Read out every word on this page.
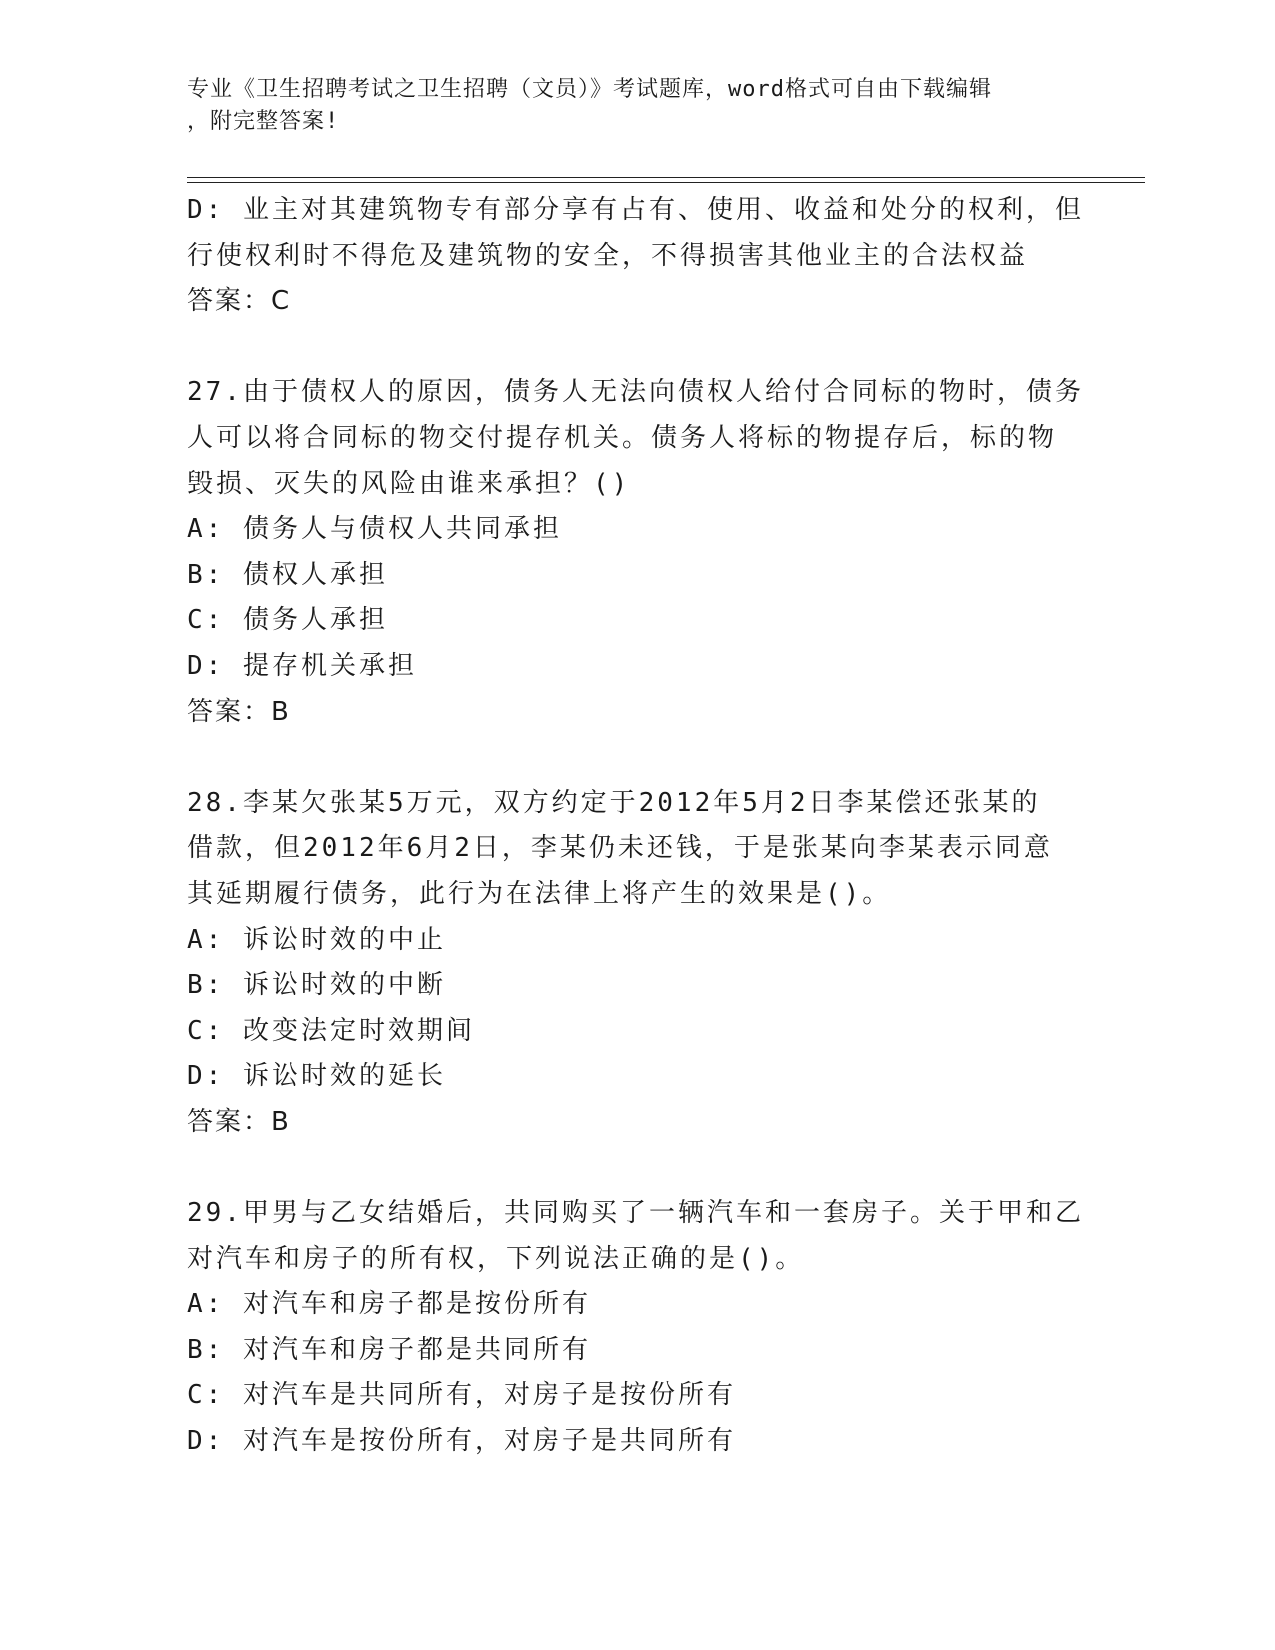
专业《卫生招聘考试之卫生招聘（文员）》考试题库，word格式可自由下载编辑
，附完整答案!
D: 业主对其建筑物专有部分享有占有、使用、收益和处分的权利，但
行使权利时不得危及建筑物的安全，不得损害其他业主的合法权益
答案：C
27.由于债权人的原因，债务人无法向债权人给付合同标的物时，债务
人可以将合同标的物交付提存机关。债务人将标的物提存后，标的物
毁损、灭失的风险由谁来承担？()
A: 债务人与债权人共同承担
B: 债权人承担
C: 债务人承担
D: 提存机关承担
答案：B
28.李某欠张某5万元，双方约定于2012年5月2日李某偿还张某的
借款，但2012年6月2日，李某仍未还钱，于是张某向李某表示同意
其延期履行债务，此行为在法律上将产生的效果是()。
A: 诉讼时效的中止
B: 诉讼时效的中断
C: 改变法定时效期间
D: 诉讼时效的延长
答案：B
29.甲男与乙女结婚后，共同购买了一辆汽车和一套房子。关于甲和乙
对汽车和房子的所有权，下列说法正确的是()。
A: 对汽车和房子都是按份所有
B: 对汽车和房子都是共同所有
C: 对汽车是共同所有，对房子是按份所有
D: 对汽车是按份所有，对房子是共同所有
